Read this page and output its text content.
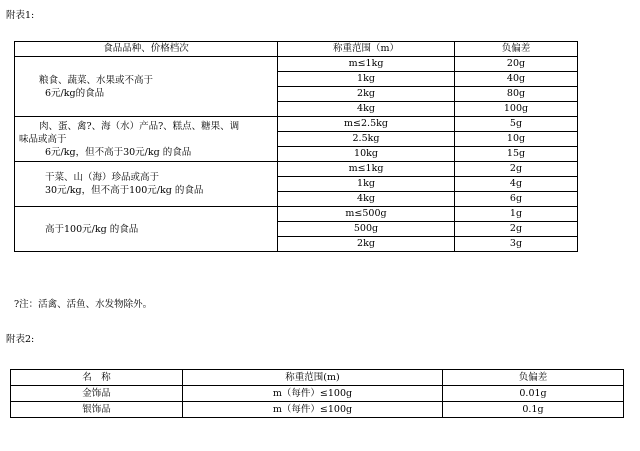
附表1:
食品品种、价格档次	称重范围（m）	负偏差

粮食、蔬菜、水果或不高于
6元/kg的食品	m≤1kg	20g
	1kg	40g
	2kg	80g
	4kg	100g

肉、蛋、禽?、海（水）产品?、糕点、糖果、调
味品或高于
6元/kg，但不高于30元/kg 的食品	m≤2.5kg	5g
	2.5kg	10g
	10kg	15g

干菜、山（海）珍品或高于
30元/kg，但不高于100元/kg 的食品	m≤1kg	2g
	1kg	4g
	4kg	6g

高于100元/kg 的食品	m≤500g	1g
	500g	2g
	2kg	3g
?注：活禽、活鱼、水发物除外。
附表2:
名　称	称重范围(m)	负偏差
金饰品	m（每件）≤100g	0.01g
银饰品	m（每件）≤100g	0.1g
